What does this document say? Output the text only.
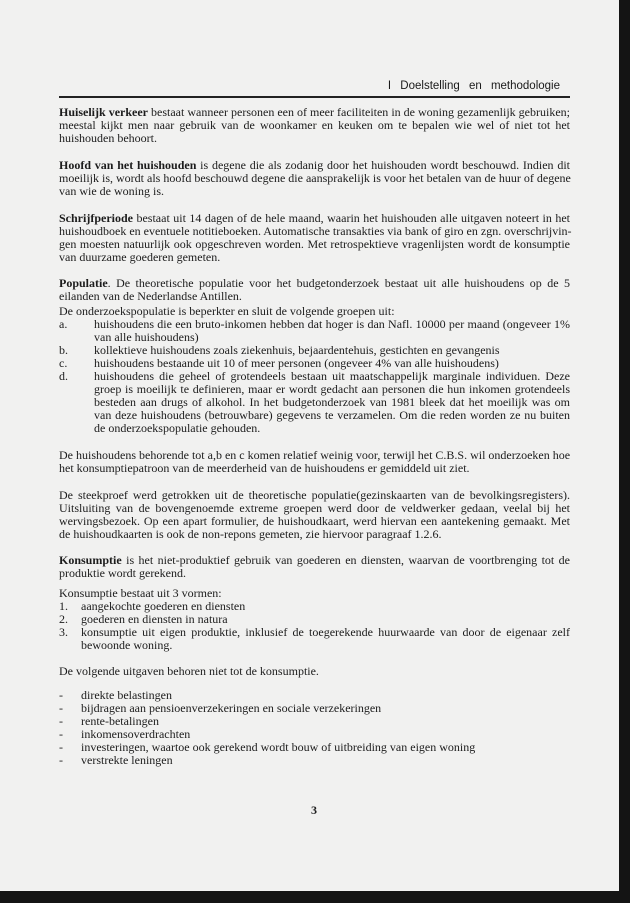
I Doelstelling en methodologie
Huiselijk verkeer bestaat wanneer personen een of meer faciliteiten in de woning gezamenlijk gebruiken;
meestal kijkt men naar gebruik van de woonkamer en keuken om te bepalen wie wel of niet tot het
huishouden behoort.
Hoofd van het huishouden is degene die als zodanig door het huishouden wordt beschouwd. Indien dit
moeilijk is, wordt als hoofd beschouwd degene die aansprakelijk is voor het betalen van de huur of degene
van wie de woning is.
Schrijfperiode bestaat uit 14 dagen of de hele maand, waarin het huishouden alle uitgaven noteert in het
huishoudboek en eventuele notitieboeken. Automatische transakties via bank of giro en zgn. overschrijvin-
gen moesten natuurlijk ook opgeschreven worden. Met retrospektieve vragenlijsten wordt de konsumptie
van duurzame goederen gemeten.
Populatie. De theoretische populatie voor het budgetonderzoek bestaat uit alle huishoudens op de 5
eilanden van de Nederlandse Antillen.
De onderzoekspopulatie is beperkter en sluit de volgende groepen uit:
a. huishoudens die een bruto-inkomen hebben dat hoger is dan Nafl. 10000 per maand (ongeveer 1%
van alle huishoudens)
b. kollektieve huishoudens zoals ziekenhuis, bejaardentehuis, gestichten en gevangenis
c. huishoudens bestaande uit 10 of meer personen (ongeveer 4% van alle huishoudens)
d. huishoudens die geheel of grotendeels bestaan uit maatschappelijk marginale individuen. Deze
groep is moeilijk te definieren, maar er wordt gedacht aan personen die hun inkomen grotendeels
besteden aan drugs of alkohol. In het budgetonderzoek van 1981 bleek dat het moeilijk was om
van deze huishoudens (betrouwbare) gegevens te verzamelen. Om die reden worden ze nu buiten
de onderzoekspopulatie gehouden.
De huishoudens behorende tot a,b en c komen relatief weinig voor, terwijl het C.B.S. wil onderzoeken hoe
het konsumptiepatroon van de meerderheid van de huishoudens er gemiddeld uit ziet.
De steekproef werd getrokken uit de theoretische populatie(gezinskaarten van de bevolkingsregisters).
Uitsluiting van de bovengenoemde extreme groepen werd door de veldwerker gedaan, veelal bij het
wervingsbezoek. Op een apart formulier, de huishoudkaart, werd hiervan een aantekening gemaakt. Met
de huishoudkaarten is ook de non-repons gemeten, zie hiervoor paragraaf 1.2.6.
Konsumptie is het niet-produktief gebruik van goederen en diensten, waarvan de voortbrenging tot de
produktie wordt gerekend.
Konsumptie bestaat uit 3 vormen:
1. aangekochte goederen en diensten
2. goederen en diensten in natura
3. konsumptie uit eigen produktie, inklusief de toegerekende huurwaarde van door de eigenaar zelf
bewoonde woning.
De volgende uitgaven behoren niet tot de konsumptie.
- direkte belastingen
- bijdragen aan pensioenverzekeringen en sociale verzekeringen
- rente-betalingen
- inkomensoverdrachten
- investeringen, waartoe ook gerekend wordt bouw of uitbreiding van eigen woning
- verstrekte leningen
3
